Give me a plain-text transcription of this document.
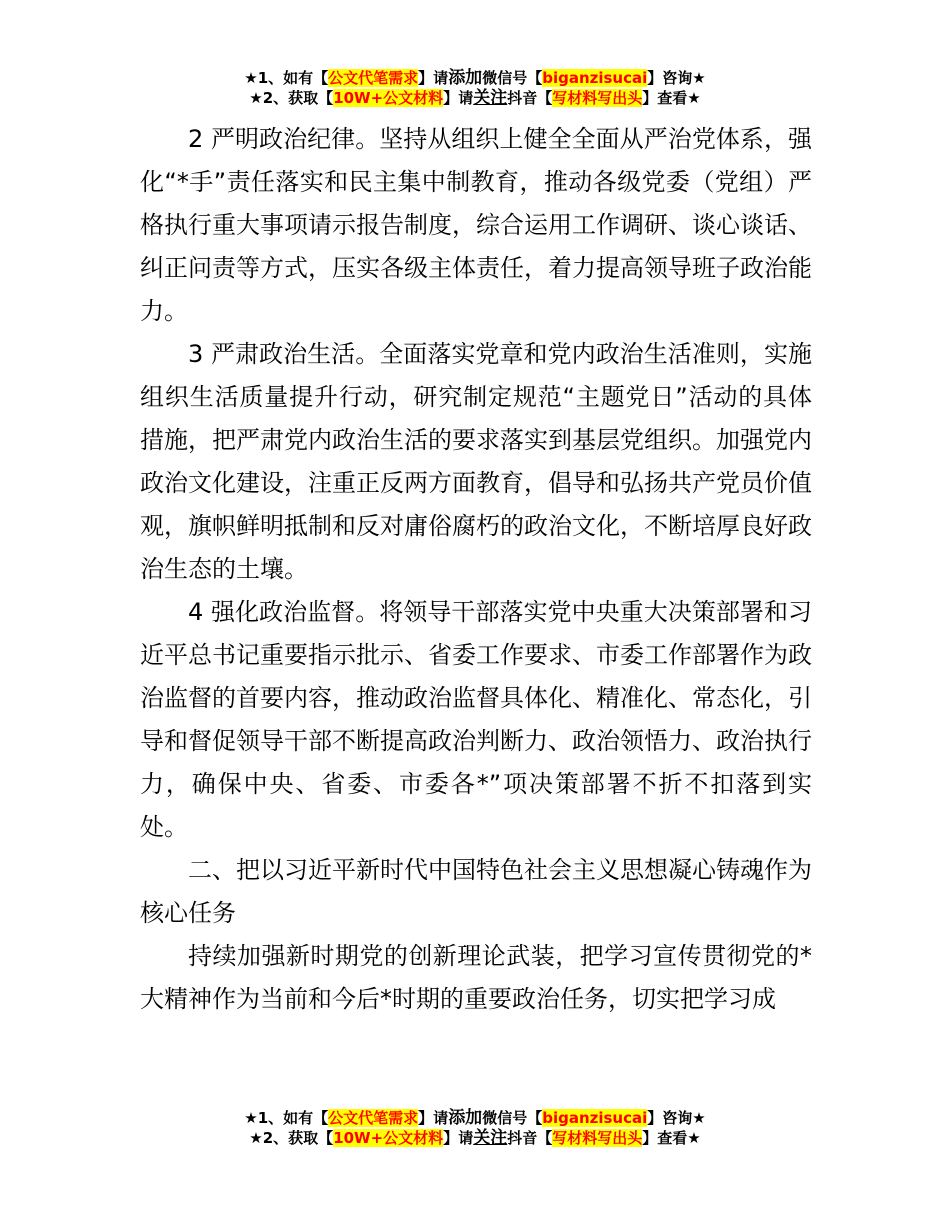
★1、如有【公文代笔需求】请添加微信号【biganzisucai】咨询★
★2、获取【10W+公文材料】请关注抖音【写材料写出头】查看★

2 严明政治纪律。坚持从组织上健全全面从严治党体系，强化“*手”责任落实和民主集中制教育，推动各级党委（党组）严格执行重大事项请示报告制度，综合运用工作调研、谈心谈话、纠正问责等方式，压实各级主体责任，着力提高领导班子政治能力。

3 严肃政治生活。全面落实党章和党内政治生活准则，实施组织生活质量提升行动，研究制定规范“主题党日”活动的具体措施，把严肃党内政治生活的要求落实到基层党组织。加强党内政治文化建设，注重正反两方面教育，倡导和弘扬共产党员价值观，旗帜鲜明抵制和反对庸俗腐朽的政治文化，不断培厚良好政治生态的土壤。

4 强化政治监督。将领导干部落实党中央重大决策部署和习近平总书记重要指示批示、省委工作要求、市委工作部署作为政治监督的首要内容，推动政治监督具体化、精准化、常态化，引导和督促领导干部不断提高政治判断力、政治领悟力、政治执行力，确保中央、省委、市委各*”项决策部署不折不扣落到实处。

二、把以习近平新时代中国特色社会主义思想凝心铸魂作为核心任务

持续加强新时期党的创新理论武装，把学习宣传贯彻党的*大精神作为当前和今后*时期的重要政治任务，切实把学习成

★1、如有【公文代笔需求】请添加微信号【biganzisucai】咨询★
★2、获取【10W+公文材料】请关注抖音【写材料写出头】查看★
